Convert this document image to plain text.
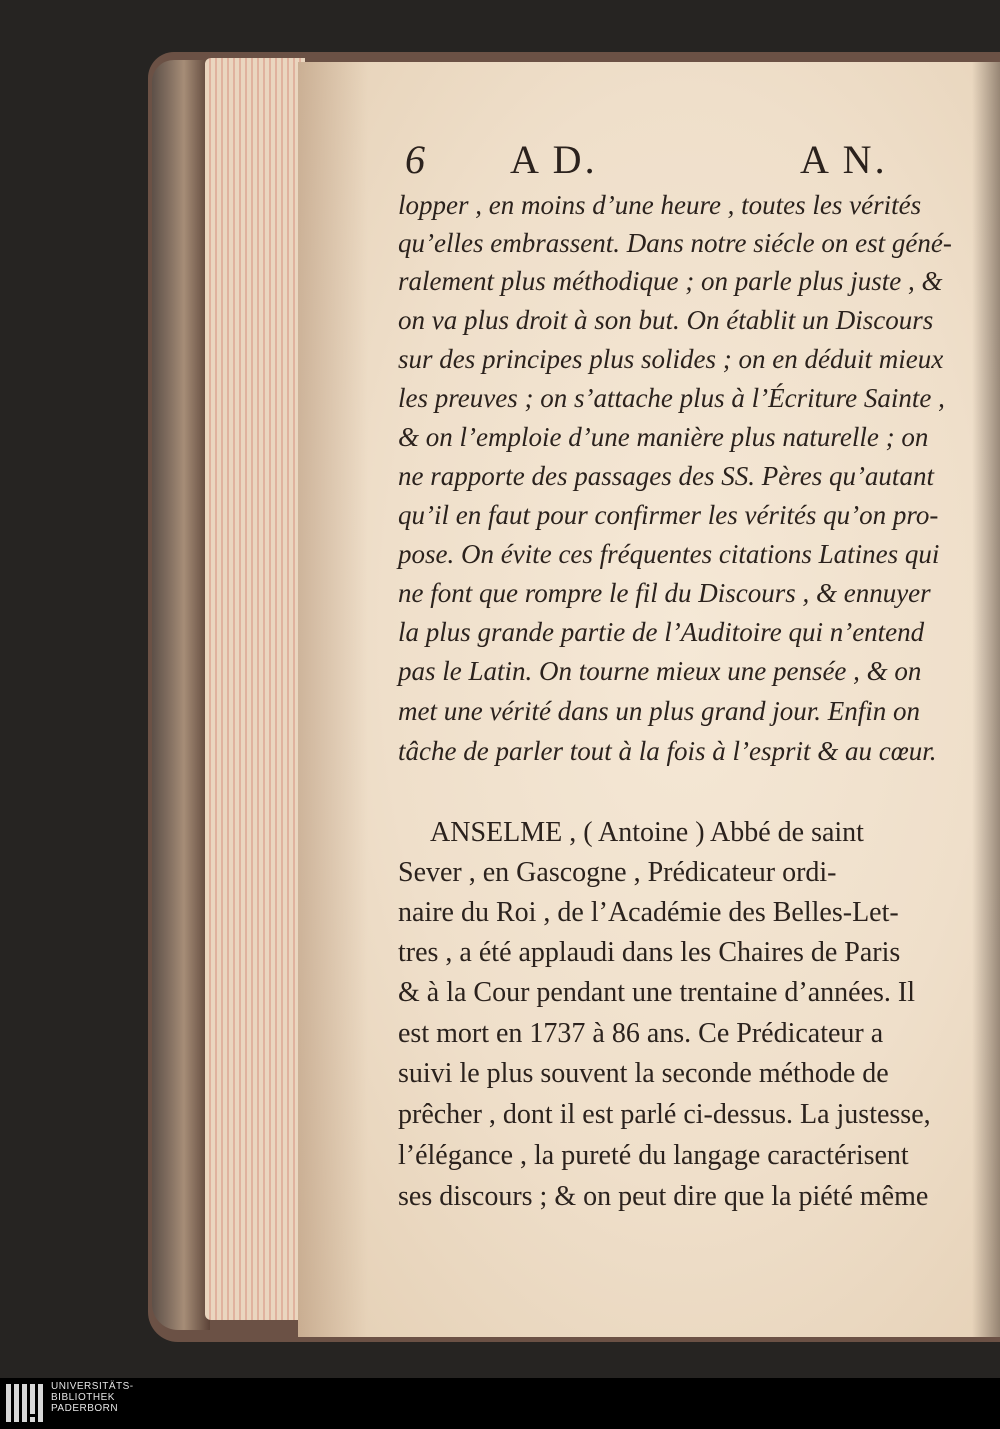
6 A D.	A N.
lopper , en moins d’une heure , toutes les vérités
qu’elles embrassent. Dans notre siécle on est géné-
ralement plus méthodique ; on parle plus juste , &
on va plus droit à son but. On établit un Discours
sur des principes plus solides ; on en déduit mieux
les preuves ; on s’attache plus à l’Écriture Sainte ,
& on l’emploie d’une manière plus naturelle ; on
ne rapporte des passages des SS. Pères qu’autant
qu’il en faut pour confirmer les vérités qu’on pro-
pose. On évite ces fréquentes citations Latines qui
ne font que rompre le fil du Discours , & ennuyer
la plus grande partie de l’Auditoire qui n’entend
pas le Latin. On tourne mieux une pensée , & on
met une vérité dans un plus grand jour. Enfin on
tâche de parler tout à la fois à l’esprit & au cœur.
ANSELME , ( Antoine ) Abbé de saint
Sever , en Gascogne , Prédicateur ordi-
naire du Roi , de l’Académie des Belles-Let-
tres , a été applaudi dans les Chaires de Paris
& à la Cour pendant une trentaine d’années. Il
est mort en 1737 à 86 ans. Ce Prédicateur a
suivi le plus souvent la seconde méthode de
prêcher , dont il est parlé ci-dessus. La justesse,
l’élégance , la pureté du langage caractérisent
ses discours ; & on peut dire que la piété même
UNIVERSITÄTS-
BIBLIOTHEK
PADERBORN
